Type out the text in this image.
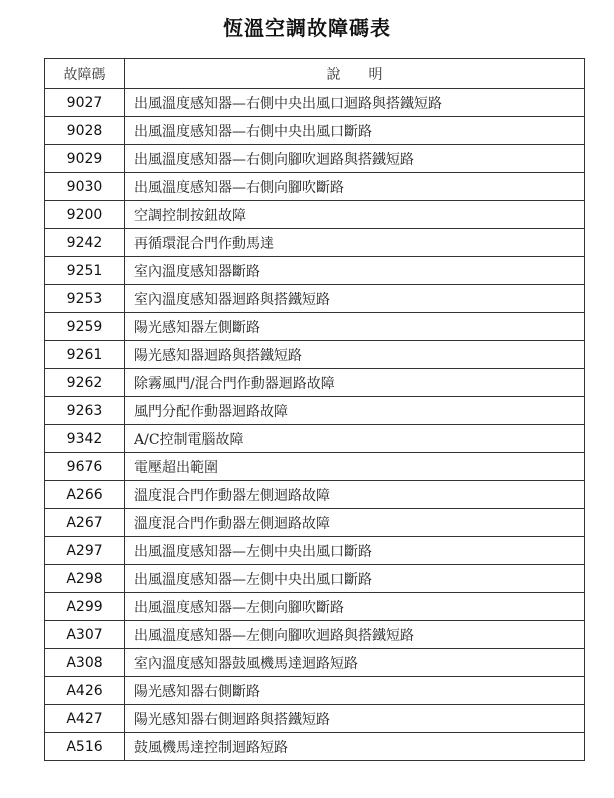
恆溫空調故障碼表
故障碼	說明
9027	出風溫度感知器—右側中央出風口迴路與搭鐵短路
9028	出風溫度感知器—右側中央出風口斷路
9029	出風溫度感知器—右側向腳吹迴路與搭鐵短路
9030	出風溫度感知器—右側向腳吹斷路
9200	空調控制按鈕故障
9242	再循環混合門作動馬達
9251	室內溫度感知器斷路
9253	室內溫度感知器迴路與搭鐵短路
9259	陽光感知器左側斷路
9261	陽光感知器迴路與搭鐵短路
9262	除霧風門/混合門作動器迴路故障
9263	風門分配作動器迴路故障
9342	A/C控制電腦故障
9676	電壓超出範圍
A266	溫度混合門作動器左側迴路故障
A267	溫度混合門作動器左側迴路故障
A297	出風溫度感知器—左側中央出風口斷路
A298	出風溫度感知器—左側中央出風口斷路
A299	出風溫度感知器—左側向腳吹斷路
A307	出風溫度感知器—左側向腳吹迴路與搭鐵短路
A308	室內溫度感知器鼓風機馬達迴路短路
A426	陽光感知器右側斷路
A427	陽光感知器右側迴路與搭鐵短路
A516	鼓風機馬達控制迴路短路
